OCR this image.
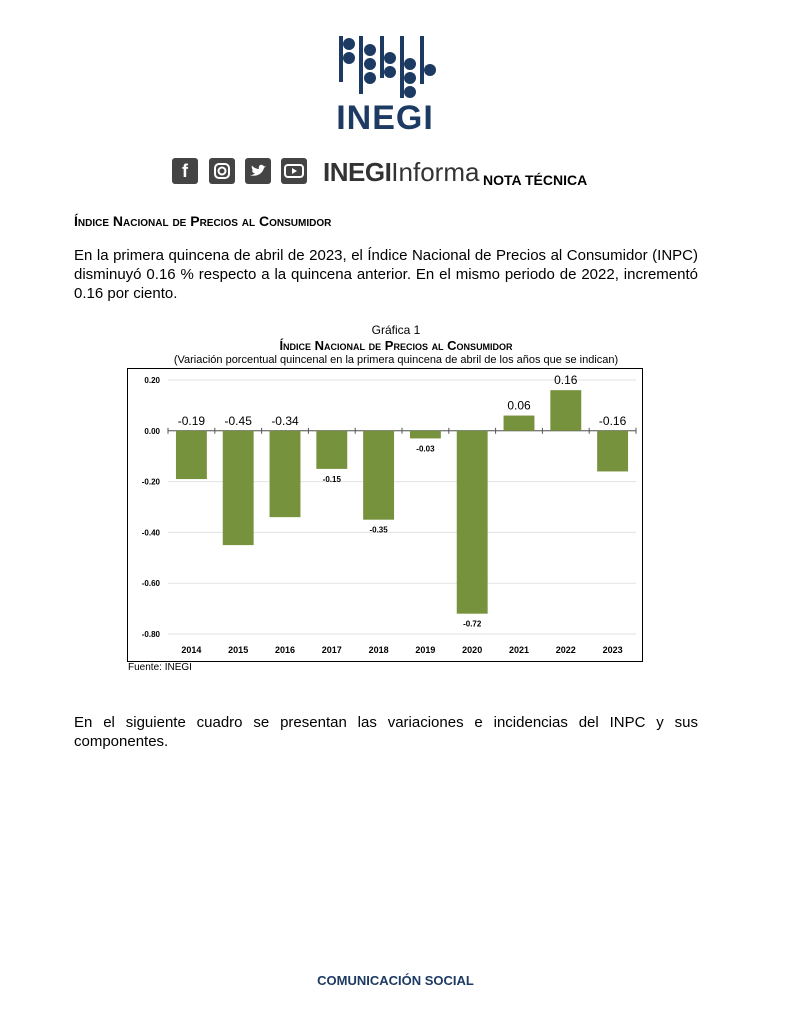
INEGI
f	INEGIInforma NOTA TÉCNICA
Índice Nacional de Precios al Consumidor

En la primera quincena de abril de 2023, el Índice Nacional de Precios al Consumidor (INPC) disminuyó 0.16 % respecto a la quincena anterior. En el mismo periodo de 2022, incrementó 0.16 por ciento.

Gráfica 1

Índice Nacional de Precios al Consumidor

(Variación porcentual quincenal en la primera quincena de abril de los años que se indican)

0.20
0.00
-0.20
-0.40
-0.60
-0.80
-0.19
2014
-0.45
2015
-0.34
2016
-0.15
2017
-0.35
2018
-0.03
2019
-0.72
2020
0.06
2021
0.16
2022
-0.16
2023
Fuente: INEGI

En el siguiente cuadro se presentan las variaciones e incidencias del INPC y sus componentes.

COMUNICACIÓN SOCIAL
